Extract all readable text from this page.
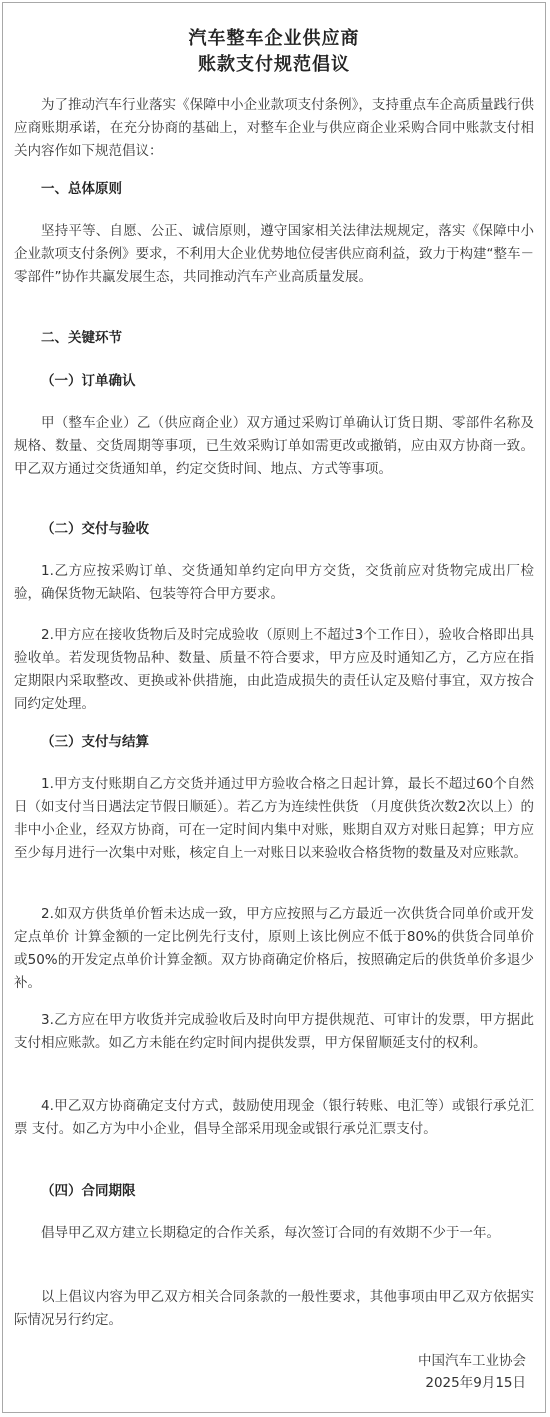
汽车整车企业供应商
账款支付规范倡议

为了推动汽车行业落实《保障中小企业款项支付条例》，支持重点车企高质量践行供应商账期承诺，在充分协商的基础上，对整车企业与供应商企业采购合同中账款支付相关内容作如下规范倡议：

一、总体原则

坚持平等、自愿、公正、诚信原则，遵守国家相关法律法规规定，落实《保障中小企业款项支付条例》要求，不利用大企业优势地位侵害供应商利益，致力于构建“整车－零部件”协作共赢发展生态，共同推动汽车产业高质量发展。

二、关键环节

（一）订单确认

甲（整车企业）乙（供应商企业）双方通过采购订单确认订货日期、零部件名称及规格、数量、交货周期等事项，已生效采购订单如需更改或撤销，应由双方协商一致。甲乙双方通过交货通知单，约定交货时间、地点、方式等事项。

（二）交付与验收

1.乙方应按采购订单、交货通知单约定向甲方交货，交货前应对货物完成出厂检验，确保货物无缺陷、包装等符合甲方要求。

2.甲方应在接收货物后及时完成验收（原则上不超过3个工作日），验收合格即出具验收单。若发现货物品种、数量、质量不符合要求，甲方应及时通知乙方，乙方应在指定期限内采取整改、更换或补供措施，由此造成损失的责任认定及赔付事宜，双方按合同约定处理。

（三）支付与结算

1.甲方支付账期自乙方交货并通过甲方验收合格之日起计算，最长不超过60个自然日（如支付当日遇法定节假日顺延）。若乙方为连续性供货 （月度供货次数2次以上）的非中小企业，经双方协商，可在一定时间内集中对账，账期自双方对账日起算；甲方应至少每月进行一次集中对账，核定自上一对账日以来验收合格货物的数量及对应账款。

2.如双方供货单价暂未达成一致，甲方应按照与乙方最近一次供货合同单价或开发定点单价 计算金额的一定比例先行支付，原则上该比例应不低于80%的供货合同单价或50%的开发定点单价计算金额。双方协商确定价格后，按照确定后的供货单价多退少补。

3.乙方应在甲方收货并完成验收后及时向甲方提供规范、可审计的发票，甲方据此支付相应账款。如乙方未能在约定时间内提供发票，甲方保留顺延支付的权利。

4.甲乙双方协商确定支付方式，鼓励使用现金（银行转账、电汇等）或银行承兑汇票 支付。如乙方为中小企业，倡导全部采用现金或银行承兑汇票支付。

（四）合同期限

倡导甲乙双方建立长期稳定的合作关系，每次签订合同的有效期不少于一年。

以上倡议内容为甲乙双方相关合同条款的一般性要求，其他事项由甲乙双方依据实际情况另行约定。

中国汽车工业协会
2025年9月15日
